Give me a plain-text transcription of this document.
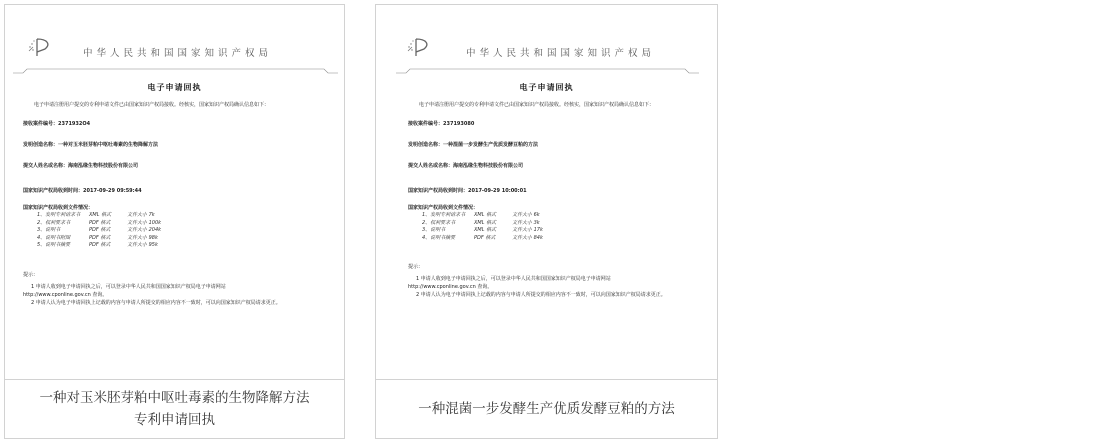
中华人民共和国国家知识产权局
电子申请回执

电子申请注册用户提交的专利申请文件已由国家知识产权局接收。经核实，国家知识产权局确认信息如下：

接收案件编号：2371932O4

发明创造名称：一种对玉米胚芽粕中呕吐毒素的生物降解方法

提交人姓名或名称：海南泓缘生物科技股份有限公司

国家知识产权局收到时间：2017-09-29 09:59:44

国家知识产权局收到文件情况：

1、发明专利请求书 XML 格式	文件大小 7k
2、权利要求书	PDF 格式	文件大小 100k
3、说明书	PDF 格式	文件大小 204k
4、说明书附图	PDF 格式	文件大小 98k
5、说明书摘要	PDF 格式	文件大小 95k

提示：

1 申请人收到电子申请回执之后，可以登录中华人民共和国国家知识产权局电子申请网站

http://www.cponline.gov.cn 查询。

2 申请人认为电子申请回执上记载的内容与申请人所提交的相应内容不一致时，可以向国家知识产权局请求更正。

一种对玉米胚芽粕中呕吐毒素的生物降解方法
专利申请回执
中华人民共和国国家知识产权局
电子申请回执

电子申请注册用户提交的专利申请文件已由国家知识产权局接收。经核实，国家知识产权局确认信息如下：

接收案件编号：237193080

发明创造名称：一种混菌一步发酵生产优质发酵豆粕的方法

提交人姓名或名称：海南泓缘生物科技股份有限公司

国家知识产权局收到时间：2017-09-29 10:00:01

国家知识产权局收到文件情况：

1、发明专利请求书 XML 格式	文件大小 6k
2、权利要求书	XML 格式	文件大小 3k
3、说明书	XML 格式	文件大小 17k
4、说明书摘要	PDF 格式	文件大小 84k

提示：

1 申请人收到电子申请回执之后，可以登录中华人民共和国国家知识产权局电子申请网站

http://www.cponline.gov.cn 查询。

2 申请人认为电子申请回执上记载的内容与申请人所提交的相应内容不一致时，可以向国家知识产权局请求更正。

一种混菌一步发酵生产优质发酵豆粕的方法
